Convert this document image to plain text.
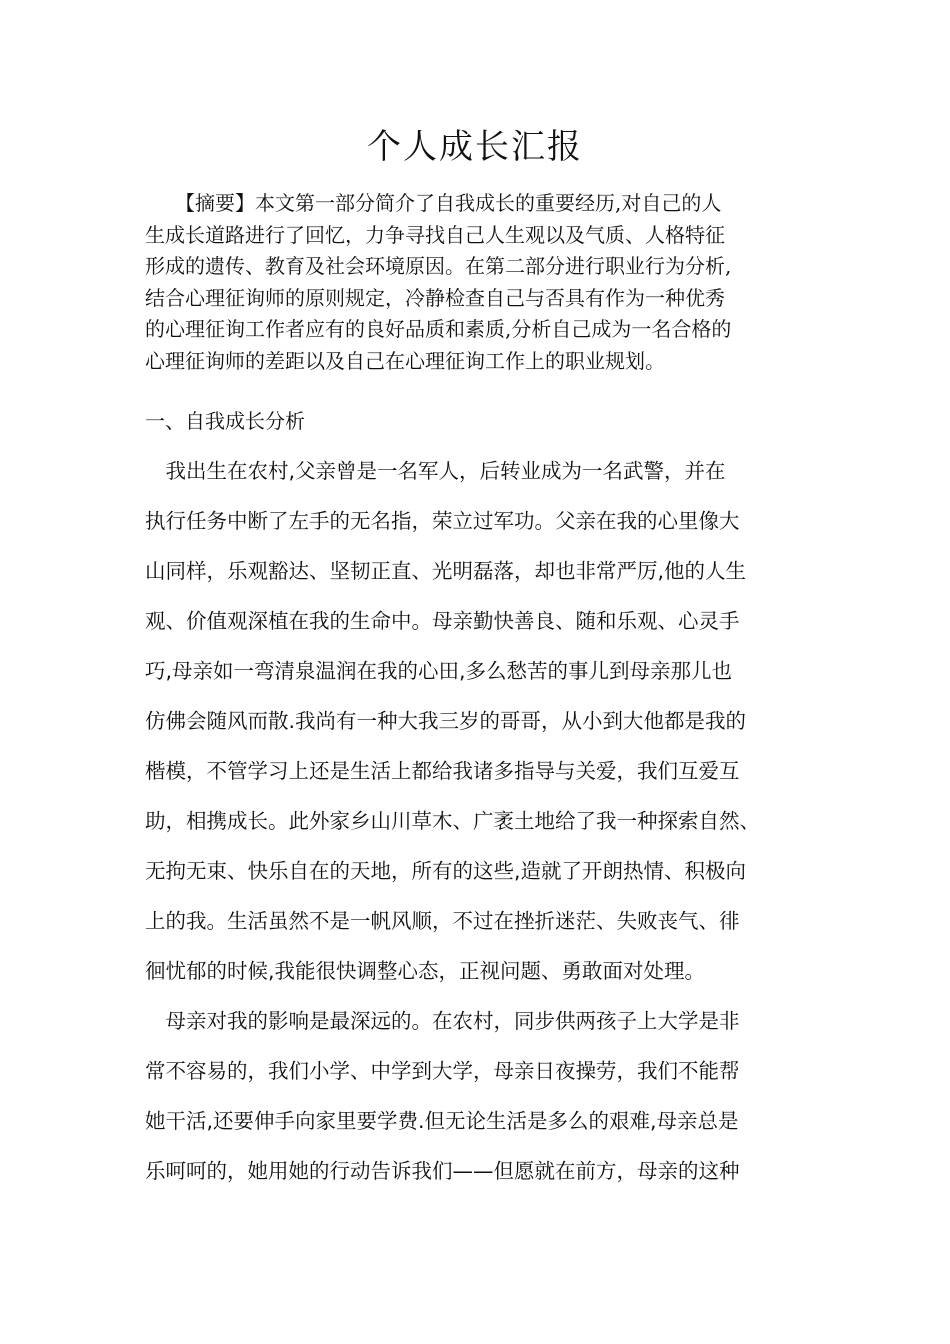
个人成长汇报
　　【摘要】本文第一部分简介了自我成长的重要经历,对自己的人
生成长道路进行了回忆，力争寻找自己人生观以及气质、人格特征
形成的遗传、教育及社会环境原因。在第二部分进行职业行为分析,
结合心理征询师的原则规定，冷静检查自己与否具有作为一种优秀
的心理征询工作者应有的良好品质和素质,分析自己成为一名合格的
心理征询师的差距以及自己在心理征询工作上的职业规划。
一、自我成长分析
　我出生在农村,父亲曾是一名军人，后转业成为一名武警，并在
执行任务中断了左手的无名指，荣立过军功。父亲在我的心里像大
山同样，乐观豁达、坚韧正直、光明磊落，却也非常严厉,他的人生
观、价值观深植在我的生命中。母亲勤快善良、随和乐观、心灵手
巧,母亲如一弯清泉温润在我的心田,多么愁苦的事儿到母亲那儿也
仿佛会随风而散.我尚有一种大我三岁的哥哥，从小到大他都是我的
楷模，不管学习上还是生活上都给我诸多指导与关爱，我们互爱互
助，相携成长。此外家乡山川草木、广袤土地给了我一种探索自然、
无拘无束、快乐自在的天地，所有的这些,造就了开朗热情、积极向
上的我。生活虽然不是一帆风顺，不过在挫折迷茫、失败丧气、徘
徊忧郁的时候,我能很快调整心态，正视问题、勇敢面对处理。
　母亲对我的影响是最深远的。在农村，同步供两孩子上大学是非
常不容易的，我们小学、中学到大学，母亲日夜操劳，我们不能帮
她干活,还要伸手向家里要学费.但无论生活是多么的艰难,母亲总是
乐呵呵的，她用她的行动告诉我们——但愿就在前方，母亲的这种
